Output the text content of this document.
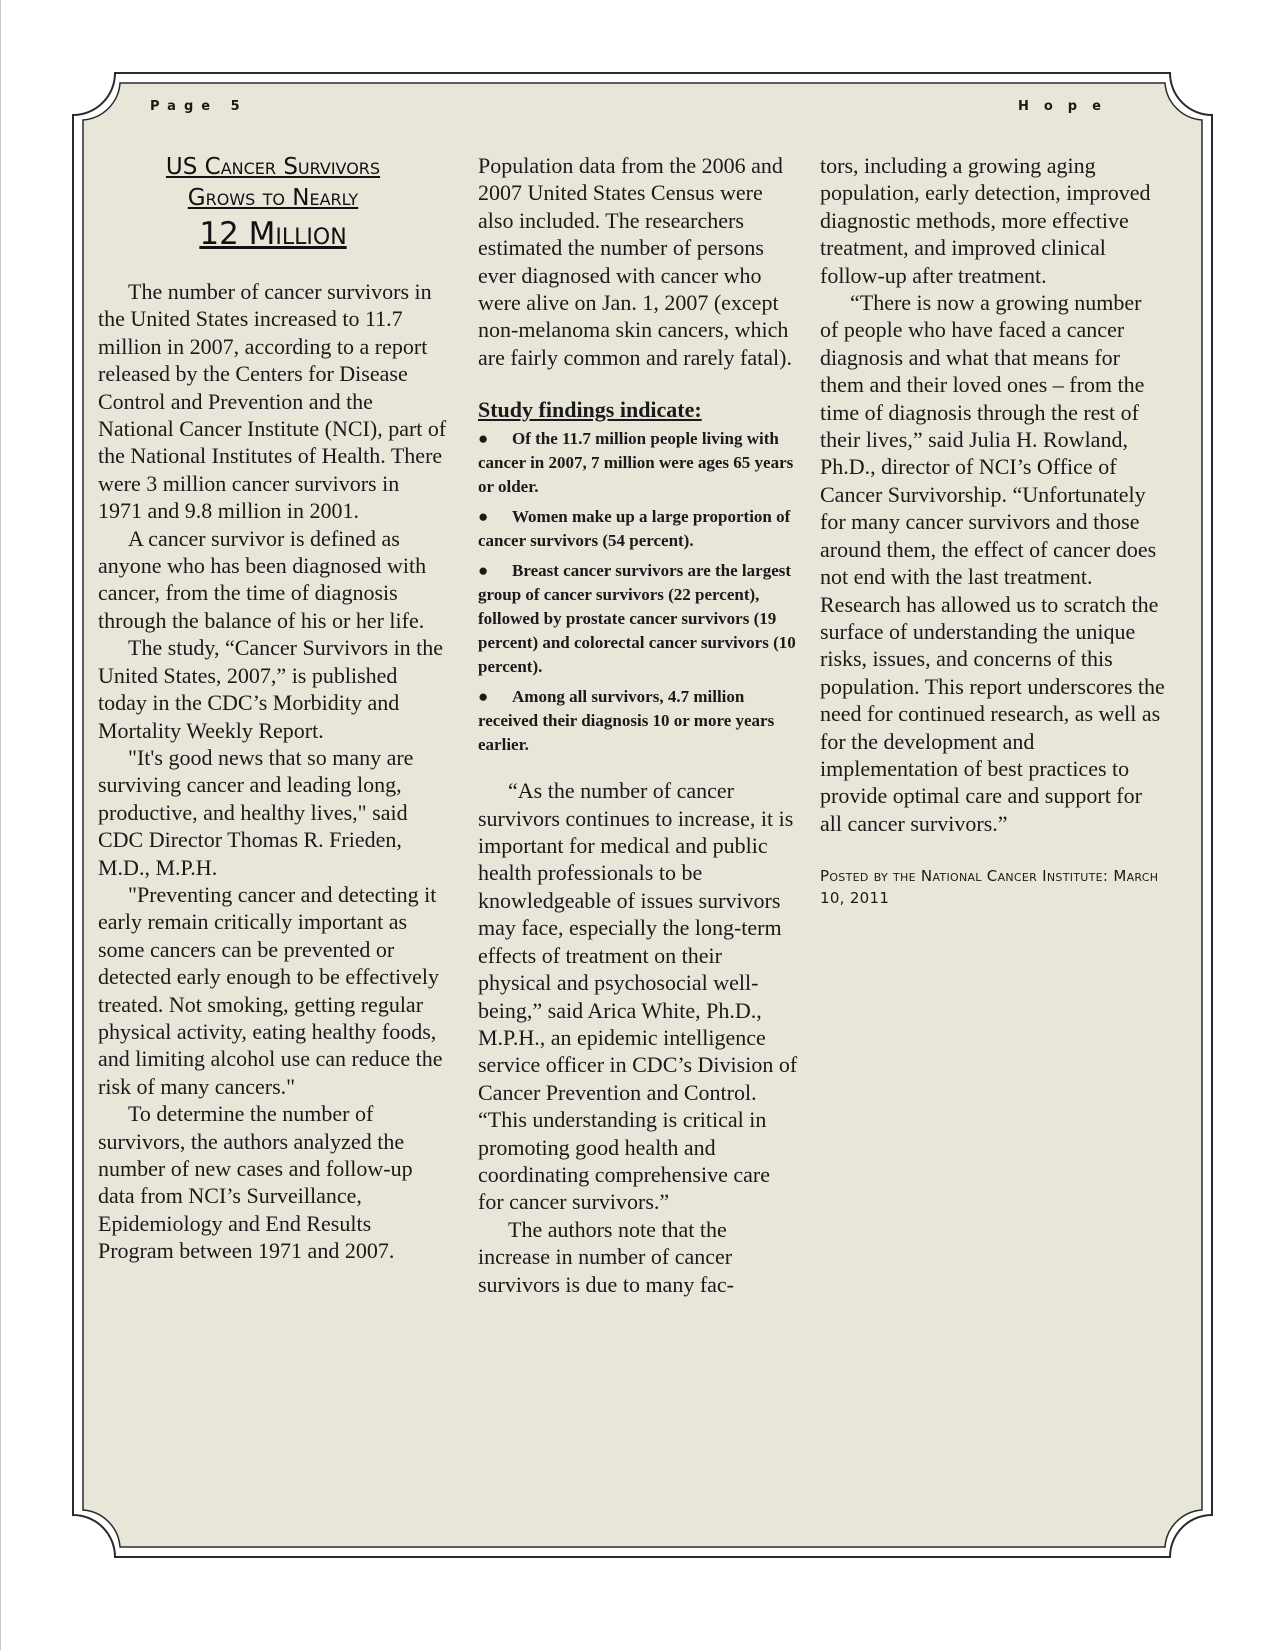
Page 5	Hope

US Cancer Survivors

Grows to Nearly

12 Million

The number of cancer survivors in the United States increased to 11.7 million in 2007, according to a report released by the Centers for Disease Control and Prevention and the National Cancer Institute (NCI), part of the National Institutes of Health. There were 3 million cancer survivors in 1971 and 9.8 million in 2001.

A cancer survivor is defined as anyone who has been diagnosed with cancer, from the time of diagnosis through the balance of his or her life.

The study, “Cancer Survivors in the United States, 2007,” is published today in the CDC’s Morbidity and Mortality Weekly Report.

"It's good news that so many are surviving cancer and leading long, productive, and healthy lives," said CDC Director Thomas R. Frieden, M.D., M.P.H.

"Preventing cancer and detecting it early remain critically important as some cancers can be prevented or detected early enough to be effectively treated. Not smoking, getting regular physical activity, eating healthy foods, and limiting alcohol use can reduce the risk of many cancers."

To determine the number of survivors, the authors analyzed the number of new cases and follow-up data from NCI’s Surveillance, Epidemiology and End Results Program between 1971 and 2007.

Population data from the 2006 and 2007 United States Census were also included. The researchers estimated the number of persons ever diagnosed with cancer who were alive on Jan. 1, 2007 (except non-melanoma skin cancers, which are fairly common and rarely fatal).

Study findings indicate:

● Of the 11.7 million people living with cancer in 2007, 7 million were ages 65 years or older.
● Women make up a large proportion of cancer survivors (54 percent).
● Breast cancer survivors are the largest group of cancer survivors (22 percent), followed by prostate cancer survivors (19 percent) and colorectal cancer survivors (10 percent).
● Among all survivors, 4.7 million received their diagnosis 10 or more years earlier.

“As the number of cancer survivors continues to increase, it is important for medical and public health professionals to be knowledgeable of issues survivors may face, especially the long-term effects of treatment on their physical and psychosocial well-being,” said Arica White, Ph.D., M.P.H., an epidemic intelligence service officer in CDC’s Division of Cancer Prevention and Control. “This understanding is critical in promoting good health and coordinating comprehensive care for cancer survivors.”

The authors note that the increase in number of cancer survivors is due to many fac-

tors, including a growing aging population, early detection, improved diagnostic methods, more effective treatment, and improved clinical follow-up after treatment.

“There is now a growing number of people who have faced a cancer diagnosis and what that means for them and their loved ones – from the time of diagnosis through the rest of their lives,” said Julia H. Rowland, Ph.D., director of NCI’s Office of Cancer Survivorship. “Unfortunately for many cancer survivors and those around them, the effect of cancer does not end with the last treatment. Research has allowed us to scratch the surface of understanding the unique risks, issues, and concerns of this population. This report underscores the need for continued research, as well as for the development and implementation of best practices to provide optimal care and support for all cancer survivors.”

Posted by the National Cancer Institute: March 10, 2011
